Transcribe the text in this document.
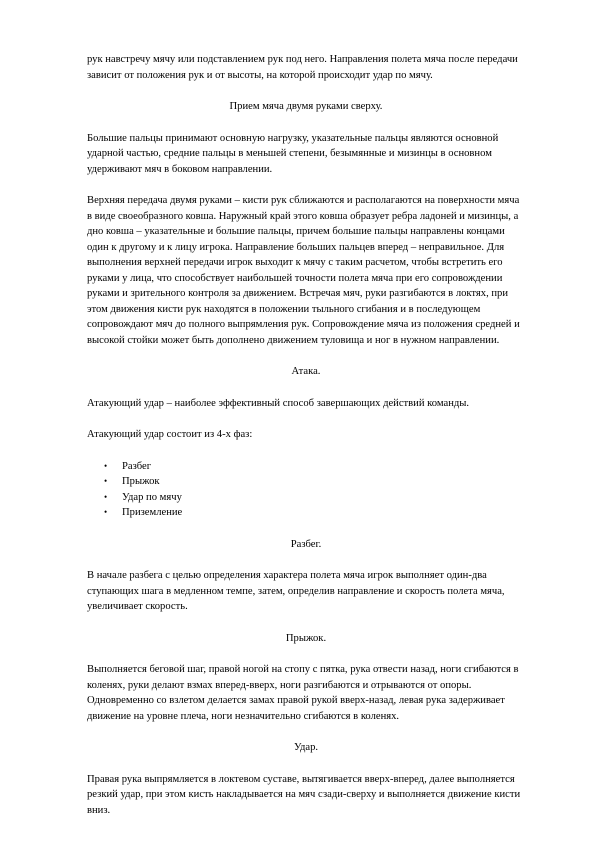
рук навстречу мячу или подставлением рук под него. Направления полета мяча после передачи зависит от положения рук и от высоты, на которой происходит удар по мячу.

Прием мяча двумя руками сверху.

Большие пальцы принимают основную нагрузку, указательные пальцы являются основной ударной частью, средние пальцы в меньшей степени, безымянные и мизинцы в основном удерживают мяч в боковом направлении.

Верхняя передача двумя руками – кисти рук сближаются и располагаются на поверхности мяча в виде своеобразного ковша. Наружный край этого ковша образует ребра ладоней и мизинцы, а дно ковша – указательные и большие пальцы, причем большие пальцы направлены концами один к другому и к лицу игрока. Направление больших пальцев вперед – неправильное. Для выполнения верхней передачи игрок выходит к мячу с таким расчетом, чтобы встретить его руками у лица, что способствует наибольшей точности полета мяча при его сопровождении руками и зрительного контроля за движением. Встречая мяч, руки разгибаются в локтях, при этом движения кисти рук находятся в положении тыльного сгибания и в последующем сопровождают мяч до полного выпрямления рук. Сопровождение мяча из положения средней и высокой стойки может быть дополнено движением туловища и ног в нужном направлении.

Атака.

Атакующий удар – наиболее эффективный способ завершающих действий команды.

Атакующий удар состоит из 4-х фаз:

• Разбег
• Прыжок
• Удар по мячу
• Приземление

Разбег.

В начале разбега с целью определения характера полета мяча игрок выполняет один-два ступающих шага в медленном темпе, затем, определив направление и скорость полета мяча, увеличивает скорость.

Прыжок.

Выполняется беговой шаг, правой ногой на стопу с пятка, рука отвести назад, ноги сгибаются в коленях, руки делают взмах вперед-вверх, ноги разгибаются и отрываются от опоры. Одновременно со взлетом делается замах правой рукой вверх-назад, левая рука задерживает движение на уровне плеча, ноги незначительно сгибаются в коленях.

Удар.

Правая рука выпрямляется в локтевом суставе, вытягивается вверх-вперед, далее выполняется резкий удар, при этом кисть накладывается на мяч сзади-сверху и выполняется движение кисти вниз.
